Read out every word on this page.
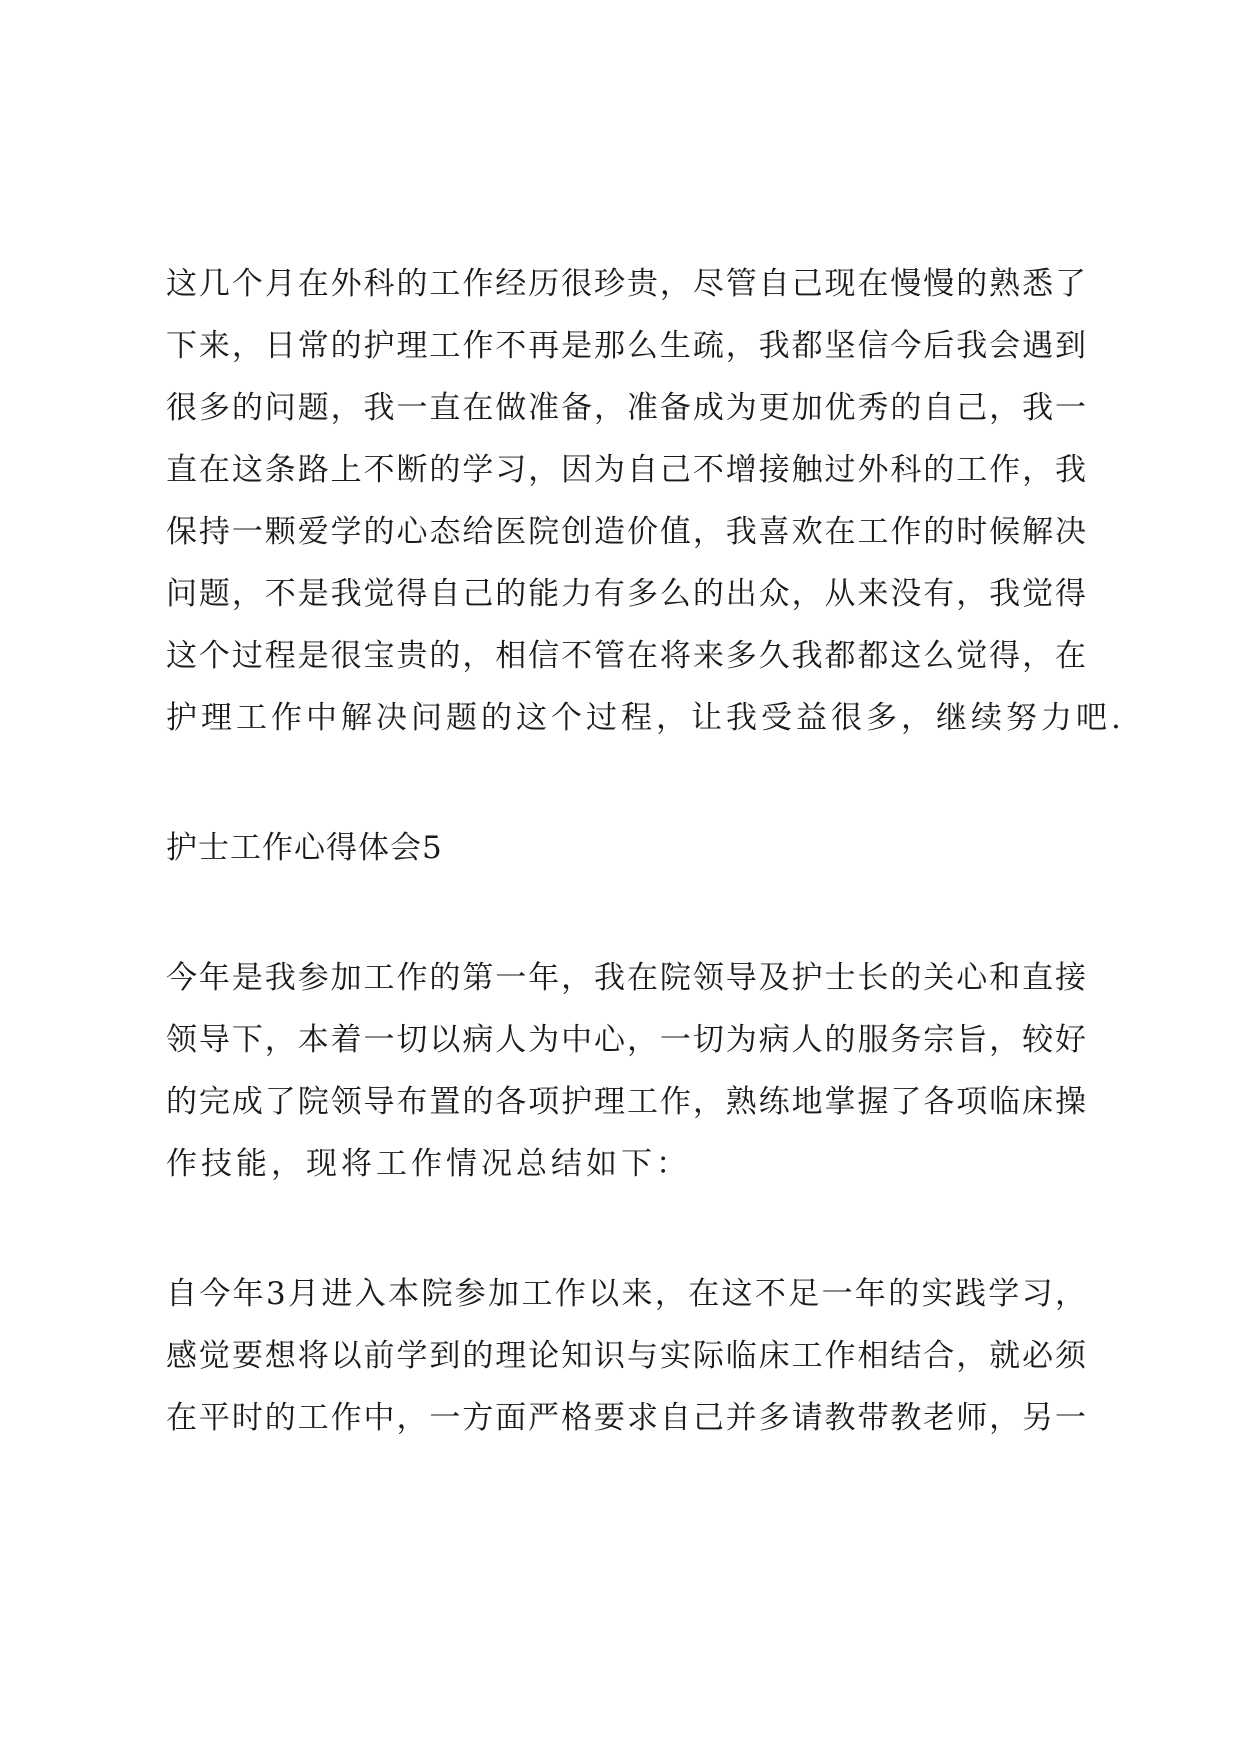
这几个月在外科的工作经历很珍贵，尽管自己现在慢慢的熟悉了
下来，日常的护理工作不再是那么生疏，我都坚信今后我会遇到
很多的问题，我一直在做准备，准备成为更加优秀的自己，我一
直在这条路上不断的学习，因为自己不增接触过外科的工作，我
保持一颗爱学的心态给医院创造价值，我喜欢在工作的时候解决
问题，不是我觉得自己的能力有多么的出众，从来没有，我觉得
这个过程是很宝贵的，相信不管在将来多久我都都这么觉得，在
护理工作中解决问题的这个过程，让我受益很多，继续努力吧.
护士工作心得体会5
今年是我参加工作的第一年，我在院领导及护士长的关心和直接
领导下，本着一切以病人为中心，一切为病人的服务宗旨，较好
的完成了院领导布置的各项护理工作，熟练地掌握了各项临床操
作技能，现将工作情况总结如下：
自今年3月进入本院参加工作以来，在这不足一年的实践学习，
感觉要想将以前学到的理论知识与实际临床工作相结合，就必须
在平时的工作中，一方面严格要求自己并多请教带教老师，另一
